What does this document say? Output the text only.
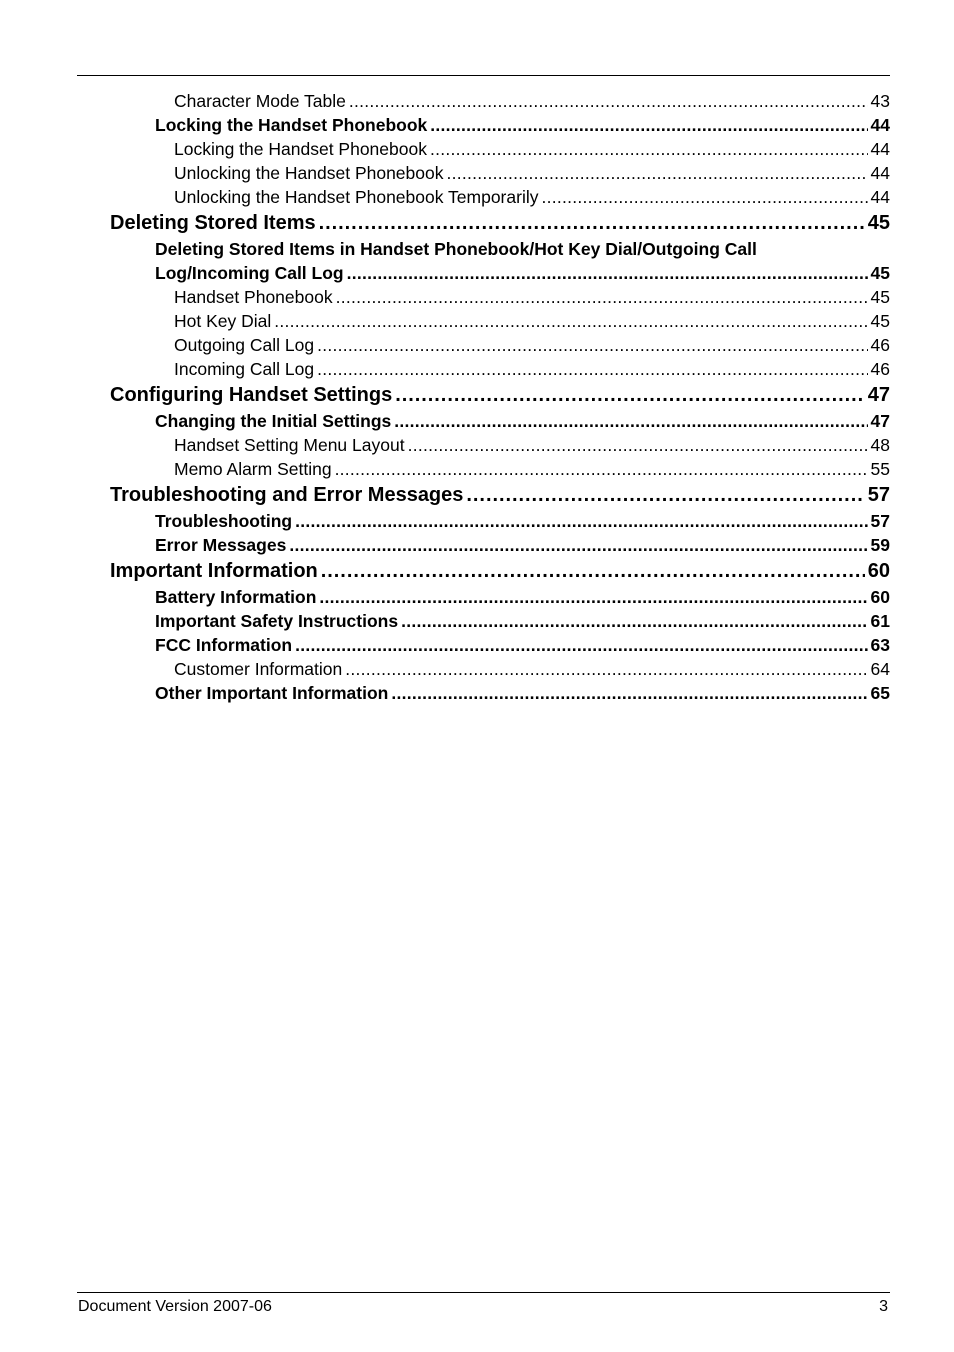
Character Mode Table . . .	43
Locking the Handset Phonebook . . .	44
Locking the Handset Phonebook . . .	44
Unlocking the Handset Phonebook . . .	44
Unlocking the Handset Phonebook Temporarily . . .	44
Deleting Stored Items . . .	45
Deleting Stored Items in Handset Phonebook/Hot Key Dial/Outgoing Call
Log/Incoming Call Log . . .	45
Handset Phonebook . . .	45
Hot Key Dial . . .	45
Outgoing Call Log . . .	46
Incoming Call Log . . .	46
Configuring Handset Settings . . .	47
Changing the Initial Settings . . .	47
Handset Setting Menu Layout . . .	48
Memo Alarm Setting . . .	55
Troubleshooting and Error Messages . . .	57
Troubleshooting . . .	57
Error Messages . . .	59
Important Information . . .	60
Battery Information . . .	60
Important Safety Instructions . . .	61
FCC Information . . .	63
Customer Information . . .	64
Other Important Information . . .	65
Document Version 2007-06	3
